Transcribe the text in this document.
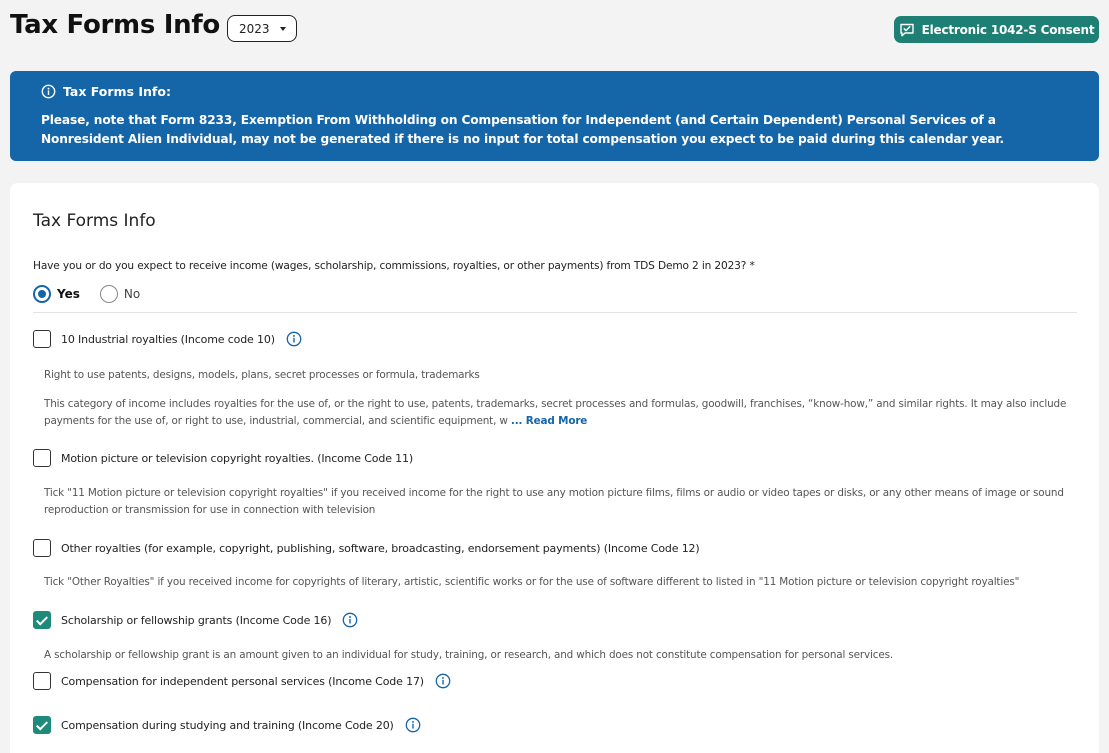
Tax Forms Info 2023	Electronic 1042-S Consent
Tax Forms Info:
Please, note that Form 8233, Exemption From Withholding on Compensation for Independent (and Certain Dependent) Personal Services of a Nonresident Alien Individual, may not be generated if there is no input for total compensation you expect to be paid during this calendar year.
Tax Forms Info
Have you or do you expect to receive income (wages, scholarship, commissions, royalties, or other payments) from TDS Demo 2 in 2023? *
Yes	No
10 Industrial royalties (Income code 10)
Right to use patents, designs, models, plans, secret processes or formula, trademarks
This category of income includes royalties for the use of, or the right to use, patents, trademarks, secret processes and formulas, goodwill, franchises, “know-how,” and similar rights. It may also include payments for the use of, or right to use, industrial, commercial, and scientific equipment, w ... Read More
Motion picture or television copyright royalties. (Income Code 11)
Tick "11 Motion picture or television copyright royalties" if you received income for the right to use any motion picture films, films or audio or video tapes or disks, or any other means of image or sound reproduction or transmission for use in connection with television
Other royalties (for example, copyright, publishing, software, broadcasting, endorsement payments) (Income Code 12)
Tick "Other Royalties" if you received income for copyrights of literary, artistic, scientific works or for the use of software different to listed in "11 Motion picture or television copyright royalties"
Scholarship or fellowship grants (Income Code 16)
A scholarship or fellowship grant is an amount given to an individual for study, training, or research, and which does not constitute compensation for personal services.
Compensation for independent personal services (Income Code 17)
Compensation during studying and training (Income Code 20)
